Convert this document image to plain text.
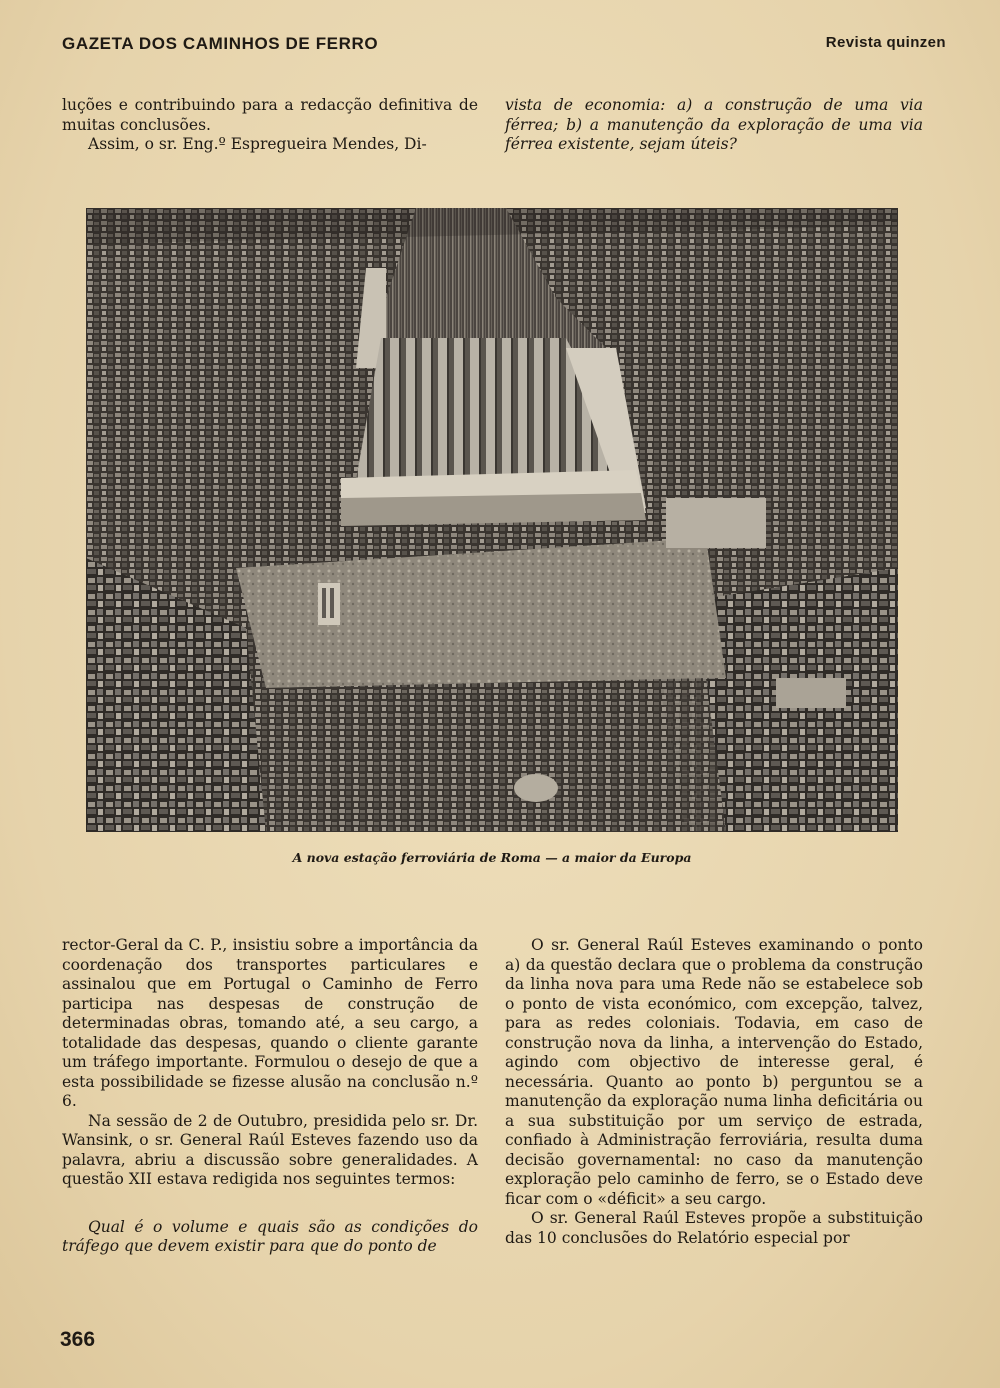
GAZETA DOS CAMINHOS DE FERRO	Revista quinzen

luções e contribuindo para a redacção definitiva de muitas conclusões.

Assim, o sr. Eng.º Espregueira Mendes, Di-

vista de economia: a) a construção de uma via férrea; b) a manutenção da exploração de uma via férrea existente, sejam úteis?

A nova estação ferroviária de Roma — a maior da Europa

rector-Geral da C. P., insistiu sobre a importância da coordenação dos transportes particulares e assinalou que em Portugal o Caminho de Ferro participa nas despesas de construção de determinadas obras, tomando até, a seu cargo, a totalidade das despesas, quando o cliente garante um tráfego importante. Formulou o desejo de que a esta possibilidade se fizesse alusão na conclusão n.º 6.

Na sessão de 2 de Outubro, presidida pelo sr. Dr. Wansink, o sr. General Raúl Esteves fazendo uso da palavra, abriu a discussão sobre generalidades. A questão XII estava redigida nos seguintes termos:

Qual é o volume e quais são as condições do tráfego que devem existir para que do ponto de

O sr. General Raúl Esteves examinando o ponto a) da questão declara que o problema da construção da linha nova para uma Rede não se estabelece sob o ponto de vista económico, com excepção, talvez, para as redes coloniais. Todavia, em caso de construção nova da linha, a intervenção do Estado, agindo com objectivo de interesse geral, é necessária. Quanto ao ponto b) perguntou se a manutenção da exploração numa linha deficitária ou a sua substituição por um serviço de estrada, confiado à Administração ferroviária, resulta duma decisão governamental: no caso da manutenção exploração pelo caminho de ferro, se o Estado deve ficar com o «déficit» a seu cargo.

O sr. General Raúl Esteves propõe a substituição das 10 conclusões do Relatório especial por

366
